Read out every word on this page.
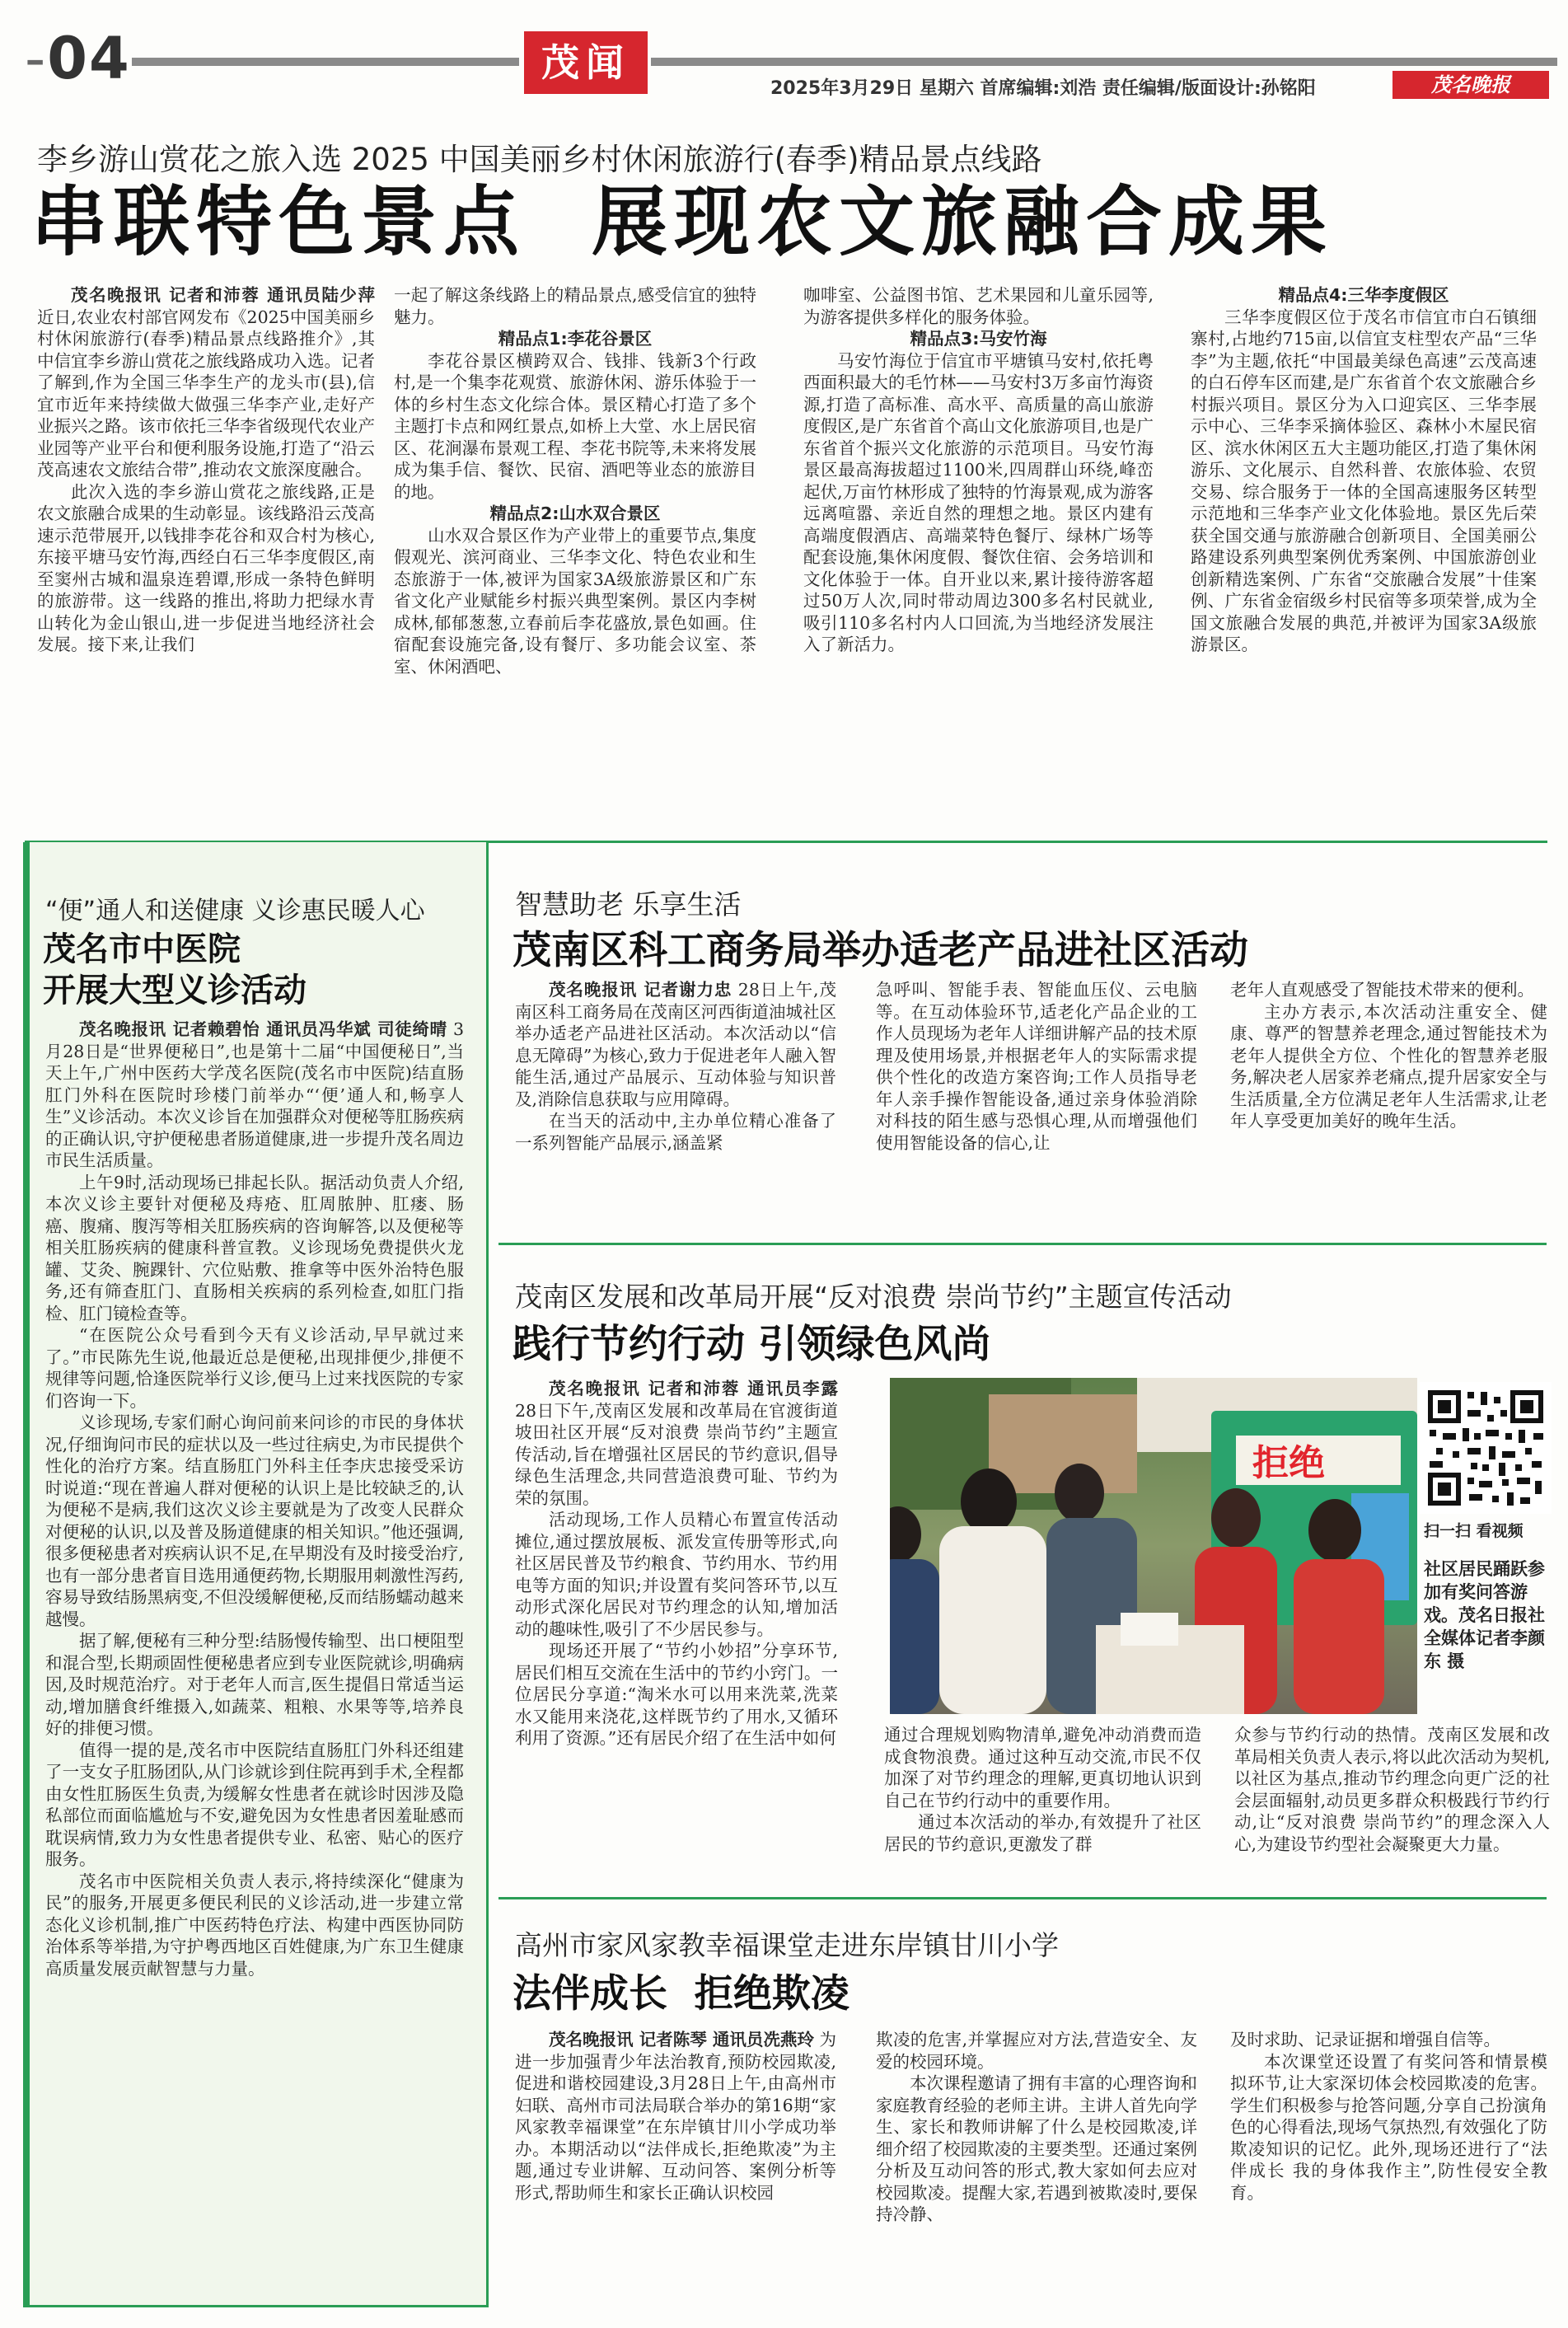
-04	茂闻
2025年3月29日 星期六 首席编辑:刘浩 责任编辑/版面设计:孙铭阳	茂名晚报
李乡游山赏花之旅入选 2025 中国美丽乡村休闲旅游行(春季)精品景点线路
串联特色景点  展现农文旅融合成果

茂名晚报讯 记者和沛蓉 通讯员陆少萍 近日,农业农村部官网发布《2025中国美丽乡村休闲旅游行(春季)精品景点线路推介》,其中信宜李乡游山赏花之旅线路成功入选。记者了解到,作为全国三华李生产的龙头市(县),信宜市近年来持续做大做强三华李产业,走好产业振兴之路。该市依托三华李省级现代农业产业园等产业平台和便利服务设施,打造了“沿云茂高速农文旅结合带”,推动农文旅深度融合。

此次入选的李乡游山赏花之旅线路,正是农文旅融合成果的生动彰显。该线路沿云茂高速示范带展开,以钱排李花谷和双合村为核心,东接平塘马安竹海,西经白石三华李度假区,南至窦州古城和温泉连碧谭,形成一条特色鲜明的旅游带。这一线路的推出,将助力把绿水青山转化为金山银山,进一步促进当地经济社会发展。接下来,让我们

一起了解这条线路上的精品景点,感受信宜的独特魅力。

精品点1:李花谷景区

李花谷景区横跨双合、钱排、钱新3个行政村,是一个集李花观赏、旅游休闲、游乐体验于一体的乡村生态文化综合体。景区精心打造了多个主题打卡点和网红景点,如桥上大堂、水上居民宿区、花涧瀑布景观工程、李花书院等,未来将发展成为集手信、餐饮、民宿、酒吧等业态的旅游目的地。

精品点2:山水双合景区

山水双合景区作为产业带上的重要节点,集度假观光、滨河商业、三华李文化、特色农业和生态旅游于一体,被评为国家3A级旅游景区和广东省文化产业赋能乡村振兴典型案例。景区内李树成林,郁郁葱葱,立春前后李花盛放,景色如画。住宿配套设施完备,设有餐厅、多功能会议室、茶室、休闲酒吧、

咖啡室、公益图书馆、艺术果园和儿童乐园等,为游客提供多样化的服务体验。

精品点3:马安竹海

马安竹海位于信宜市平塘镇马安村,依托粤西面积最大的毛竹林——马安村3万多亩竹海资源,打造了高标准、高水平、高质量的高山旅游度假区,是广东省首个高山文化旅游项目,也是广东省首个振兴文化旅游的示范项目。马安竹海景区最高海拔超过1100米,四周群山环绕,峰峦起伏,万亩竹林形成了独特的竹海景观,成为游客远离喧嚣、亲近自然的理想之地。景区内建有高端度假酒店、高端菜特色餐厅、绿林广场等配套设施,集休闲度假、餐饮住宿、会务培训和文化体验于一体。自开业以来,累计接待游客超过50万人次,同时带动周边300多名村民就业,吸引110多名村内人口回流,为当地经济发展注入了新活力。

精品点4:三华李度假区

三华李度假区位于茂名市信宜市白石镇细寨村,占地约715亩,以信宜支柱型农产品“三华李”为主题,依托“中国最美绿色高速”云茂高速的白石停车区而建,是广东省首个农文旅融合乡村振兴项目。景区分为入口迎宾区、三华李展示中心、三华李采摘体验区、森林小木屋民宿区、滨水休闲区五大主题功能区,打造了集休闲游乐、文化展示、自然科普、农旅体验、农贸交易、综合服务于一体的全国高速服务区转型示范地和三华李产业文化体验地。景区先后荣获全国交通与旅游融合创新项目、全国美丽公路建设系列典型案例优秀案例、中国旅游创业创新精选案例、广东省“交旅融合发展”十佳案例、广东省金宿级乡村民宿等多项荣誉,成为全国文旅融合发展的典范,并被评为国家3A级旅游景区。

“便”通人和送健康 义诊惠民暖人心
茂名市中医院
开展大型义诊活动

茂名晚报讯 记者赖碧怡 通讯员冯华斌 司徒绮晴 3月28日是“世界便秘日”,也是第十二届“中国便秘日”,当天上午,广州中医药大学茂名医院(茂名市中医院)结直肠肛门外科在医院时珍楼门前举办“‘便’通人和,畅享人生”义诊活动。本次义诊旨在加强群众对便秘等肛肠疾病的正确认识,守护便秘患者肠道健康,进一步提升茂名周边市民生活质量。

上午9时,活动现场已排起长队。据活动负责人介绍,本次义诊主要针对便秘及痔疮、肛周脓肿、肛瘘、肠癌、腹痛、腹泻等相关肛肠疾病的咨询解答,以及便秘等相关肛肠疾病的健康科普宣教。义诊现场免费提供火龙罐、艾灸、腕踝针、穴位贴敷、推拿等中医外治特色服务,还有筛查肛门、直肠相关疾病的系列检查,如肛门指检、肛门镜检查等。

“在医院公众号看到今天有义诊活动,早早就过来了。”市民陈先生说,他最近总是便秘,出现排便少,排便不规律等问题,恰逢医院举行义诊,便马上过来找医院的专家们咨询一下。

义诊现场,专家们耐心询问前来问诊的市民的身体状况,仔细询问市民的症状以及一些过往病史,为市民提供个性化的治疗方案。结直肠肛门外科主任李庆忠接受采访时说道:“现在普遍人群对便秘的认识上是比较缺乏的,认为便秘不是病,我们这次义诊主要就是为了改变人民群众对便秘的认识,以及普及肠道健康的相关知识。”他还强调,很多便秘患者对疾病认识不足,在早期没有及时接受治疗,也有一部分患者盲目选用通便药物,长期服用刺激性泻药,容易导致结肠黑病变,不但没缓解便秘,反而结肠蠕动越来越慢。

据了解,便秘有三种分型:结肠慢传输型、出口梗阻型和混合型,长期顽固性便秘患者应到专业医院就诊,明确病因,及时规范治疗。对于老年人而言,医生提倡日常适当运动,增加膳食纤维摄入,如蔬菜、粗粮、水果等等,培养良好的排便习惯。

值得一提的是,茂名市中医院结直肠肛门外科还组建了一支女子肛肠团队,从门诊就诊到住院再到手术,全程都由女性肛肠医生负责,为缓解女性患者在就诊时因涉及隐私部位而面临尴尬与不安,避免因为女性患者因羞耻感而耽误病情,致力为女性患者提供专业、私密、贴心的医疗服务。

茂名市中医院相关负责人表示,将持续深化“健康为民”的服务,开展更多便民利民的义诊活动,进一步建立常态化义诊机制,推广中医药特色疗法、构建中西医协同防治体系等举措,为守护粤西地区百姓健康,为广东卫生健康高质量发展贡献智慧与力量。

智慧助老 乐享生活
茂南区科工商务局举办适老产品进社区活动

茂名晚报讯 记者谢力忠 28日上午,茂南区科工商务局在茂南区河西街道油城社区举办适老产品进社区活动。本次活动以“信息无障碍”为核心,致力于促进老年人融入智能生活,通过产品展示、互动体验与知识普及,消除信息获取与应用障碍。

在当天的活动中,主办单位精心准备了一系列智能产品展示,涵盖紧

急呼叫、智能手表、智能血压仪、云电脑等。在互动体验环节,适老化产品企业的工作人员现场为老年人详细讲解产品的技术原理及使用场景,并根据老年人的实际需求提供个性化的改造方案咨询;工作人员指导老年人亲手操作智能设备,通过亲身体验消除对科技的陌生感与恐惧心理,从而增强他们使用智能设备的信心,让

老年人直观感受了智能技术带来的便利。

主办方表示,本次活动注重安全、健康、尊严的智慧养老理念,通过智能技术为老年人提供全方位、个性化的智慧养老服务,解决老人居家养老痛点,提升居家安全与生活质量,全方位满足老年人生活需求,让老年人享受更加美好的晚年生活。

茂南区发展和改革局开展“反对浪费 崇尚节约”主题宣传活动
践行节约行动 引领绿色风尚

茂名晚报讯 记者和沛蓉 通讯员李露 28日下午,茂南区发展和改革局在官渡街道坡田社区开展“反对浪费 崇尚节约”主题宣传活动,旨在增强社区居民的节约意识,倡导绿色生活理念,共同营造浪费可耻、节约为荣的氛围。

活动现场,工作人员精心布置宣传活动摊位,通过摆放展板、派发宣传册等形式,向社区居民普及节约粮食、节约用水、节约用电等方面的知识;并设置有奖问答环节,以互动形式深化居民对节约理念的认知,增加活动的趣味性,吸引了不少居民参与。

现场还开展了“节约小妙招”分享环节,居民们相互交流在生活中的节约小窍门。一位居民分享道:“淘米水可以用来洗菜,洗菜水又能用来浇花,这样既节约了用水,又循环利用了资源。”还有居民介绍了在生活中如何

拒绝
扫一扫 看视频
社区居民踊跃参加有奖问答游戏。茂名日报社全媒体记者李颜东 摄

通过合理规划购物清单,避免冲动消费而造成食物浪费。通过这种互动交流,市民不仅加深了对节约理念的理解,更真切地认识到自己在节约行动中的重要作用。

通过本次活动的举办,有效提升了社区居民的节约意识,更激发了群

众参与节约行动的热情。茂南区发展和改革局相关负责人表示,将以此次活动为契机,以社区为基点,推动节约理念向更广泛的社会层面辐射,动员更多群众积极践行节约行动,让“反对浪费 崇尚节约”的理念深入人心,为建设节约型社会凝聚更大力量。

高州市家风家教幸福课堂走进东岸镇甘川小学
法伴成长  拒绝欺凌

茂名晚报讯 记者陈琴 通讯员冼燕玲 为进一步加强青少年法治教育,预防校园欺凌,促进和谐校园建设,3月28日上午,由高州市妇联、高州市司法局联合举办的第16期“家风家教幸福课堂”在东岸镇甘川小学成功举办。本期活动以“法伴成长,拒绝欺凌”为主题,通过专业讲解、互动问答、案例分析等形式,帮助师生和家长正确认识校园

欺凌的危害,并掌握应对方法,营造安全、友爱的校园环境。

本次课程邀请了拥有丰富的心理咨询和家庭教育经验的老师主讲。主讲人首先向学生、家长和教师讲解了什么是校园欺凌,详细介绍了校园欺凌的主要类型。还通过案例分析及互动问答的形式,教大家如何去应对校园欺凌。提醒大家,若遇到被欺凌时,要保持冷静、

及时求助、记录证据和增强自信等。

本次课堂还设置了有奖问答和情景模拟环节,让大家深切体会校园欺凌的危害。学生们积极参与抢答问题,分享自己扮演角色的心得看法,现场气氛热烈,有效强化了防欺凌知识的记忆。此外,现场还进行了“法伴成长 我的身体我作主”,防性侵安全教育。
